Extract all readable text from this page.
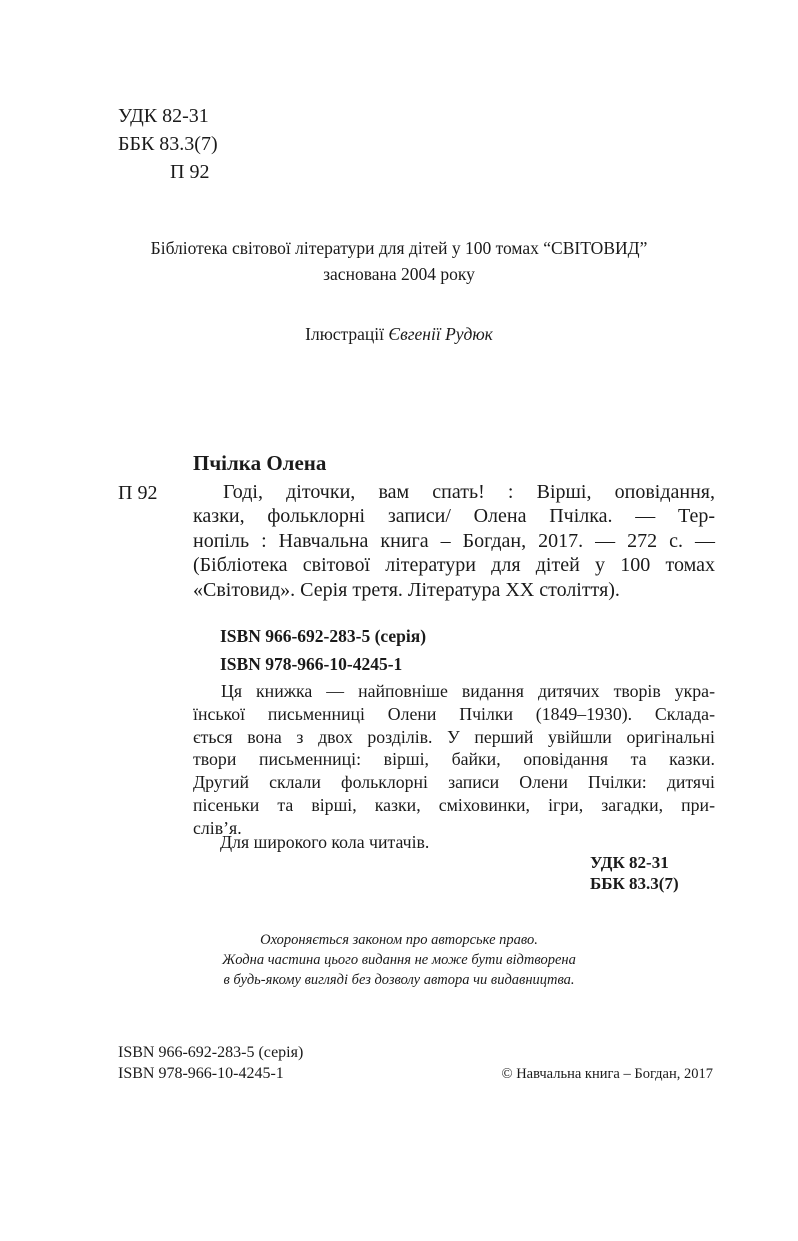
УДК 82-31
ББК 83.3(7)
П 92
Бібліотека світової літератури для дітей у 100 томах “СВІТОВИД”
заснована 2004 року
Ілюстрації Євгенії Рудюк
Пчілка Олена
П 92	Годі, діточки, вам спать! : Вірші, оповідання,
казки, фольклорні записи/ Олена Пчілка. — Тер-
нопіль : Навчальна книга – Богдан, 2017. — 272 с. —
(Бібліотека світової літератури для дітей у 100 томах
«Світовид». Серія третя. Література ХХ століття).
ISBN 966-692-283-5 (серія)
ISBN 978-966-10-4245-1
Ця книжка — найповніше видання дитячих творів укра-
їнської письменниці Олени Пчілки (1849–1930). Склада-
ється вона з двох розділів. У перший увійшли оригінальні
твори письменниці: вірші, байки, оповідання та казки.
Другий склали фольклорні записи Олени Пчілки: дитячі
пісеньки та вірші, казки, сміховинки, ігри, загадки, при-
слів’я.
Для широкого кола читачів.
УДК 82-31
ББК 83.3(7)
Охороняється законом про авторське право.
Жодна частина цього видання не може бути відтворена
в будь-якому вигляді без дозволу автора чи видавництва.
ISBN 966-692-283-5 (серія)
ISBN 978-966-10-4245-1	© Навчальна книга – Богдан, 2017
